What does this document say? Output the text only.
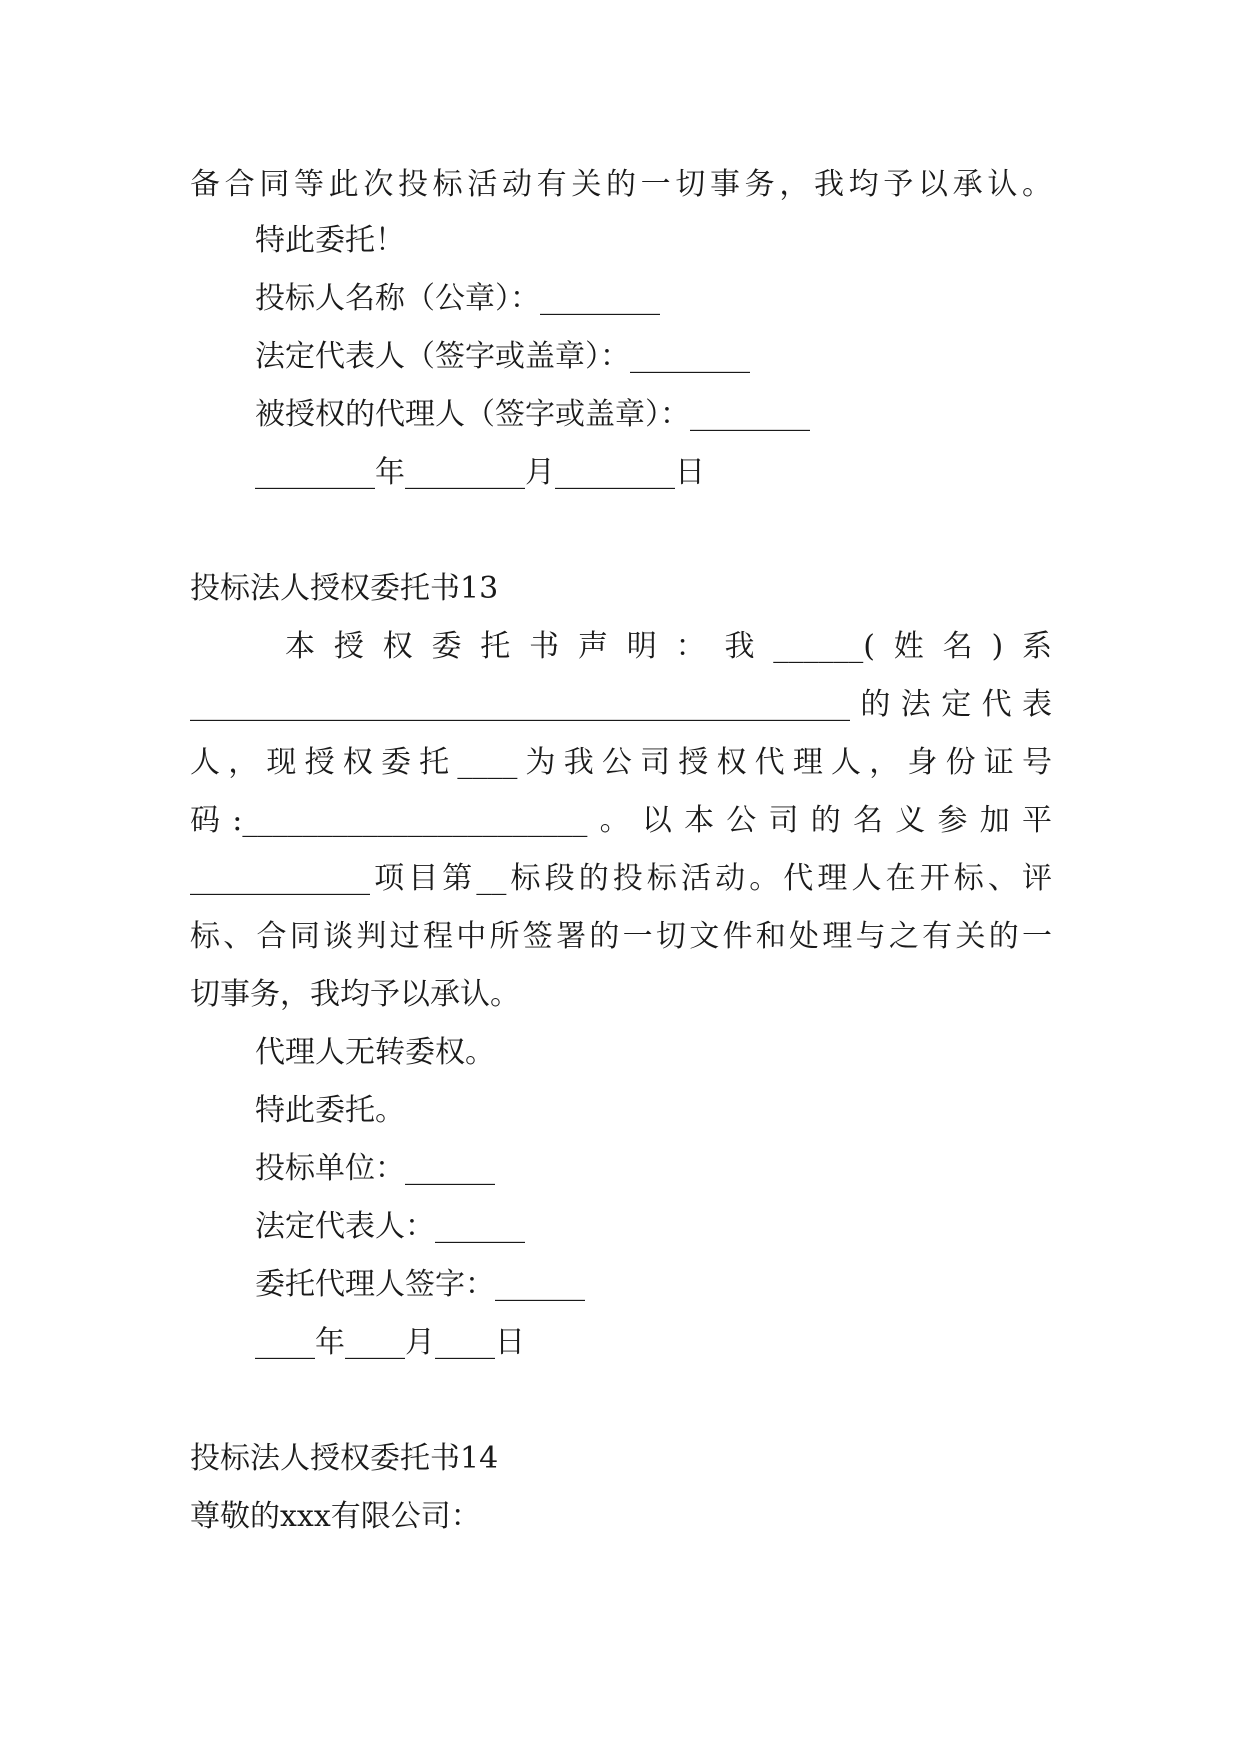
备合同等此次投标活动有关的一切事务，我均予以承认。
特此委托！
投标人名称（公章）：________
法定代表人（签字或盖章）：________
被授权的代理人（签字或盖章）：________
________年________月________日
投标法人授权委托书13
本授权委托书声明：我______(姓名)系
____________________________________________的法定代表
人，现授权委托____为我公司授权代理人，身份证号
码:_______________________。以本公司的名义参加平
____________项目第__标段的投标活动。代理人在开标、评
标、合同谈判过程中所签署的一切文件和处理与之有关的一
切事务，我均予以承认。
代理人无转委权。
特此委托。
投标单位：______
法定代表人：______
委托代理人签字：______
____年____月____日
投标法人授权委托书14
尊敬的xxx有限公司：
